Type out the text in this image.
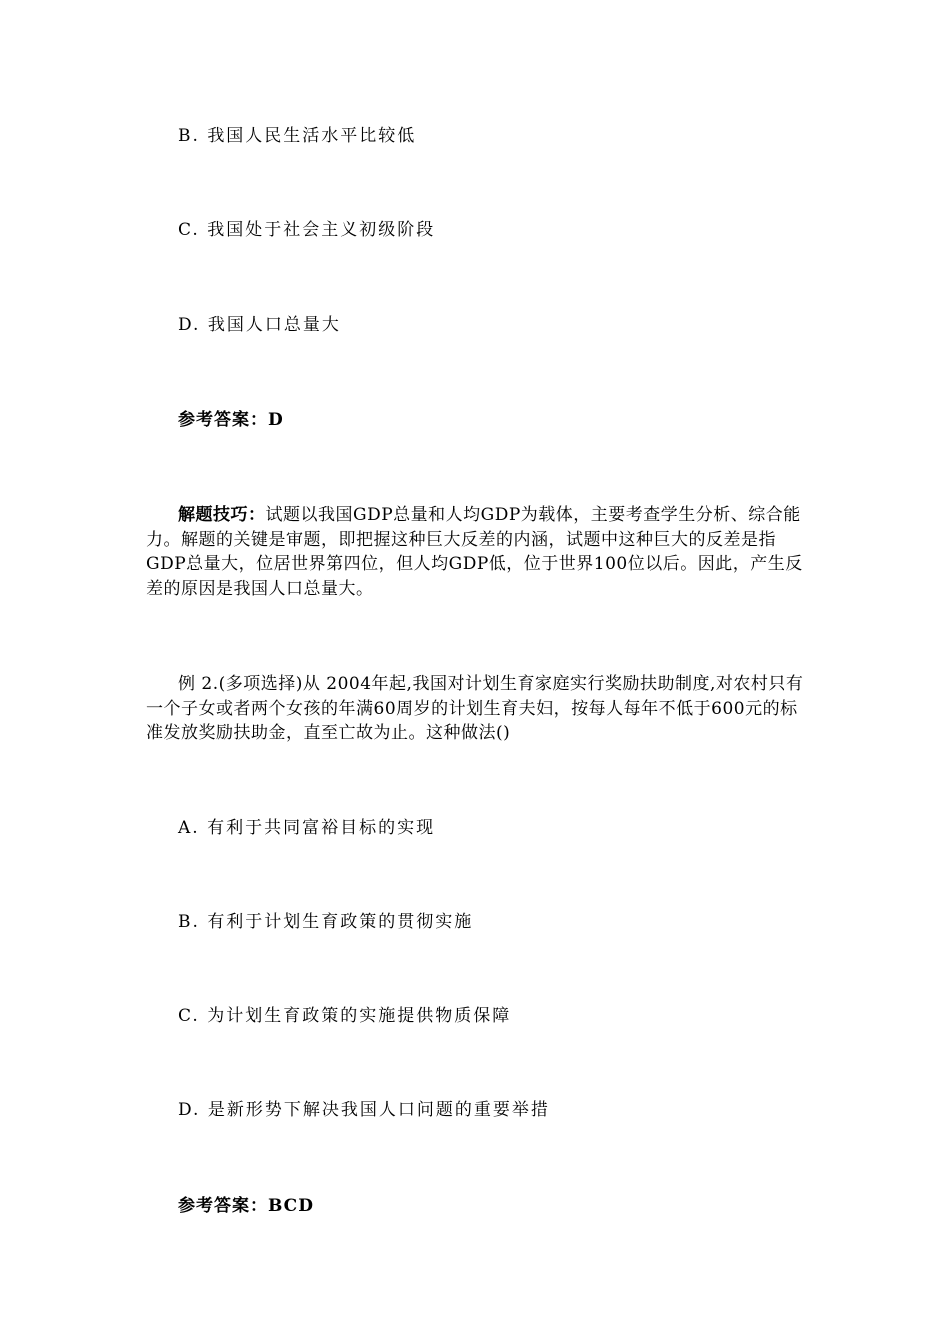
B. 我国人民生活水平比较低
C. 我国处于社会主义初级阶段
D. 我国人口总量大
参考答案：D
解题技巧：试题以我国GDP总量和人均GDP为载体，主要考查学生分析、综合能力。解题的关键是审题，即把握这种巨大反差的内涵，试题中这种巨大的反差是指GDP总量大，位居世界第四位，但人均GDP低，位于世界100位以后。因此，产生反差的原因是我国人口总量大。
例 2.(多项选择)从 2004年起,我国对计划生育家庭实行奖励扶助制度,对农村只有一个子女或者两个女孩的年满60周岁的计划生育夫妇，按每人每年不低于600元的标准发放奖励扶助金，直至亡故为止。这种做法()
A. 有利于共同富裕目标的实现
B. 有利于计划生育政策的贯彻实施
C. 为计划生育政策的实施提供物质保障
D. 是新形势下解决我国人口问题的重要举措
参考答案：BCD
